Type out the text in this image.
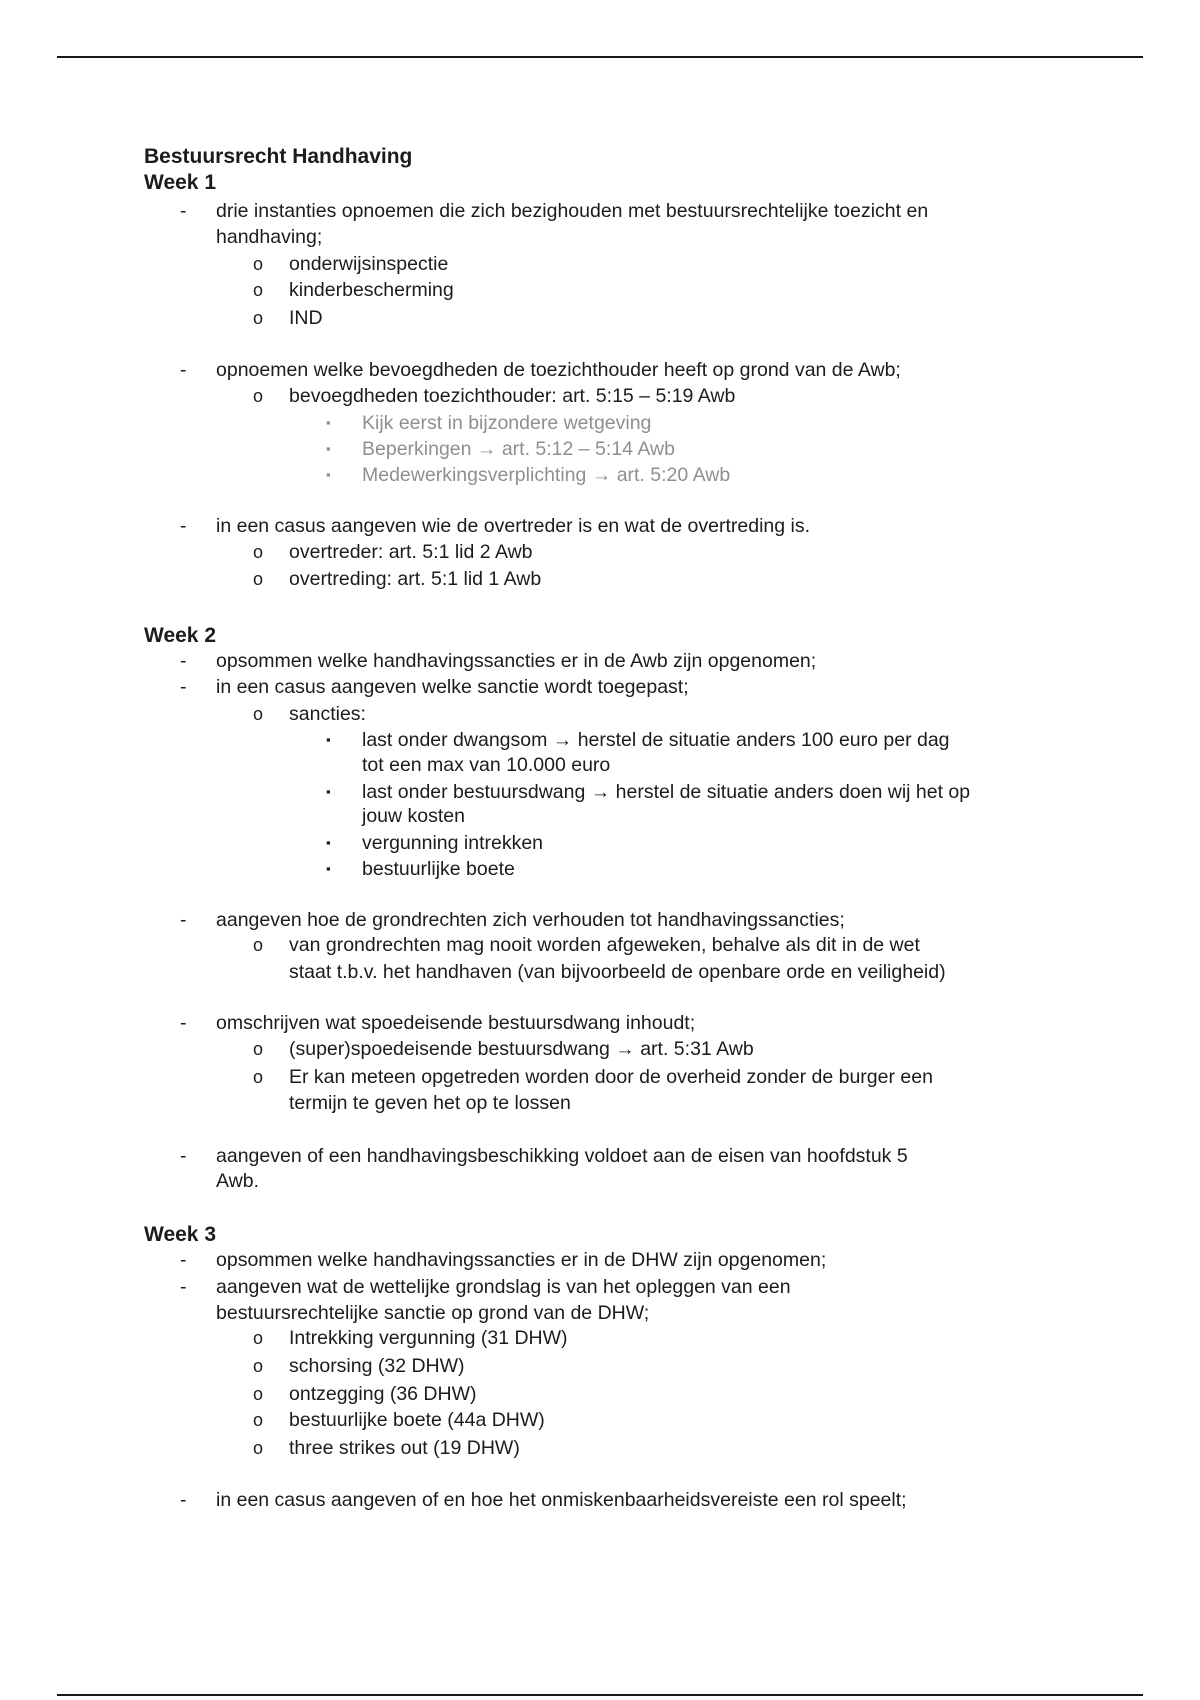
Bestuursrecht Handhaving
Week 1
- drie instanties opnoemen die zich bezighouden met bestuursrechtelijke toezicht en
handhaving;
o onderwijsinspectie
o kinderbescherming
o IND
- opnoemen welke bevoegdheden de toezichthouder heeft op grond van de Awb;
o bevoegdheden toezichthouder: art. 5:15 – 5:19 Awb
▪ Kijk eerst in bijzondere wetgeving
▪ Beperkingen → art. 5:12 – 5:14 Awb
▪ Medewerkingsverplichting → art. 5:20 Awb
- in een casus aangeven wie de overtreder is en wat de overtreding is.
o overtreder: art. 5:1 lid 2 Awb
o overtreding: art. 5:1 lid 1 Awb
Week 2
- opsommen welke handhavingssancties er in de Awb zijn opgenomen;
- in een casus aangeven welke sanctie wordt toegepast;
o sancties:
▪ last onder dwangsom → herstel de situatie anders 100 euro per dag
tot een max van 10.000 euro
▪ last onder bestuursdwang → herstel de situatie anders doen wij het op
jouw kosten
▪ vergunning intrekken
▪ bestuurlijke boete
- aangeven hoe de grondrechten zich verhouden tot handhavingssancties;
o van grondrechten mag nooit worden afgeweken, behalve als dit in de wet
staat t.b.v. het handhaven (van bijvoorbeeld de openbare orde en veiligheid)
- omschrijven wat spoedeisende bestuursdwang inhoudt;
o (super)spoedeisende bestuursdwang → art. 5:31 Awb
o Er kan meteen opgetreden worden door de overheid zonder de burger een
termijn te geven het op te lossen
- aangeven of een handhavingsbeschikking voldoet aan de eisen van hoofdstuk 5
Awb.
Week 3
- opsommen welke handhavingssancties er in de DHW zijn opgenomen;
- aangeven wat de wettelijke grondslag is van het opleggen van een
bestuursrechtelijke sanctie op grond van de DHW;
o Intrekking vergunning (31 DHW)
o schorsing (32 DHW)
o ontzegging (36 DHW)
o bestuurlijke boete (44a DHW)
o three strikes out (19 DHW)
- in een casus aangeven of en hoe het onmiskenbaarheidsvereiste een rol speelt;
